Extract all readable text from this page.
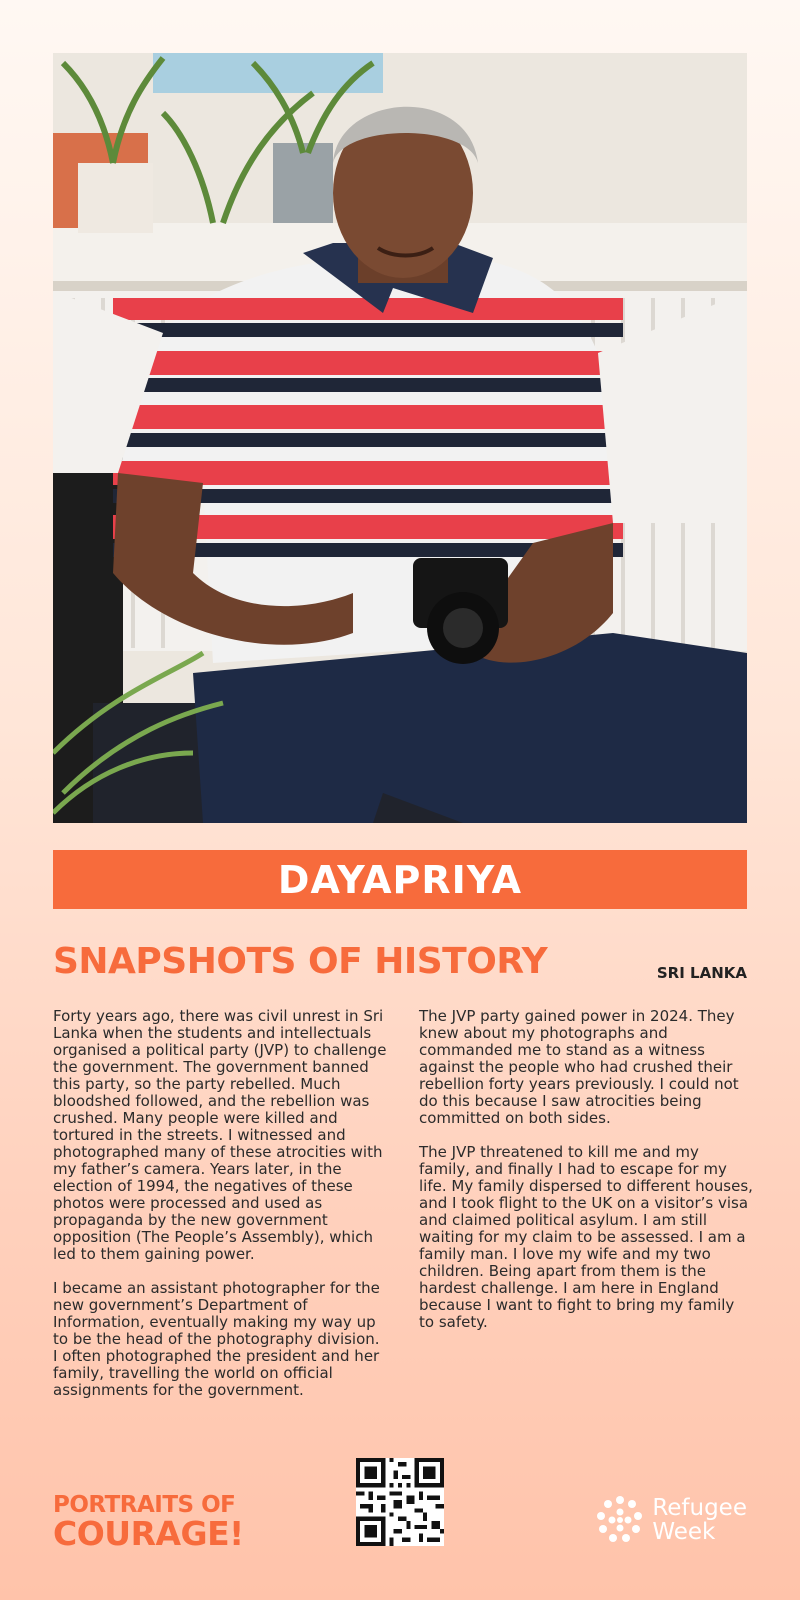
DAYAPRIYA
SNAPSHOTS OF HISTORY	SRI LANKA

Forty years ago, there was civil unrest in Sri Lanka when the students and intellectuals organised a political party (JVP) to challenge the government. The government banned this party, so the party rebelled. Much bloodshed followed, and the rebellion was crushed. Many people were killed and tortured in the streets. I witnessed and photographed many of these atrocities with my father’s camera. Years later, in the election of 1994, the negatives of these photos were processed and used as propaganda by the new government opposition (The People’s Assembly), which led to them gaining power.

I became an assistant photographer for the new government’s Department of Information, eventually making my way up to be the head of the photography division. I often photographed the president and her family, travelling the world on official assignments for the government.

The JVP party gained power in 2024. They knew about my photographs and commanded me to stand as a witness against the people who had crushed their rebellion forty years previously. I could not do this because I saw atrocities being committed on both sides.

The JVP threatened to kill me and my family, and finally I had to escape for my life. My family dispersed to different houses, and I took flight to the UK on a visitor’s visa and claimed political asylum. I am still waiting for my claim to be assessed. I am a family man. I love my wife and my two children. Being apart from them is the hardest challenge. I am here in England because I want to fight to bring my family to safety.

PORTRAITS OF
COURAGE!
Refugee
Week
